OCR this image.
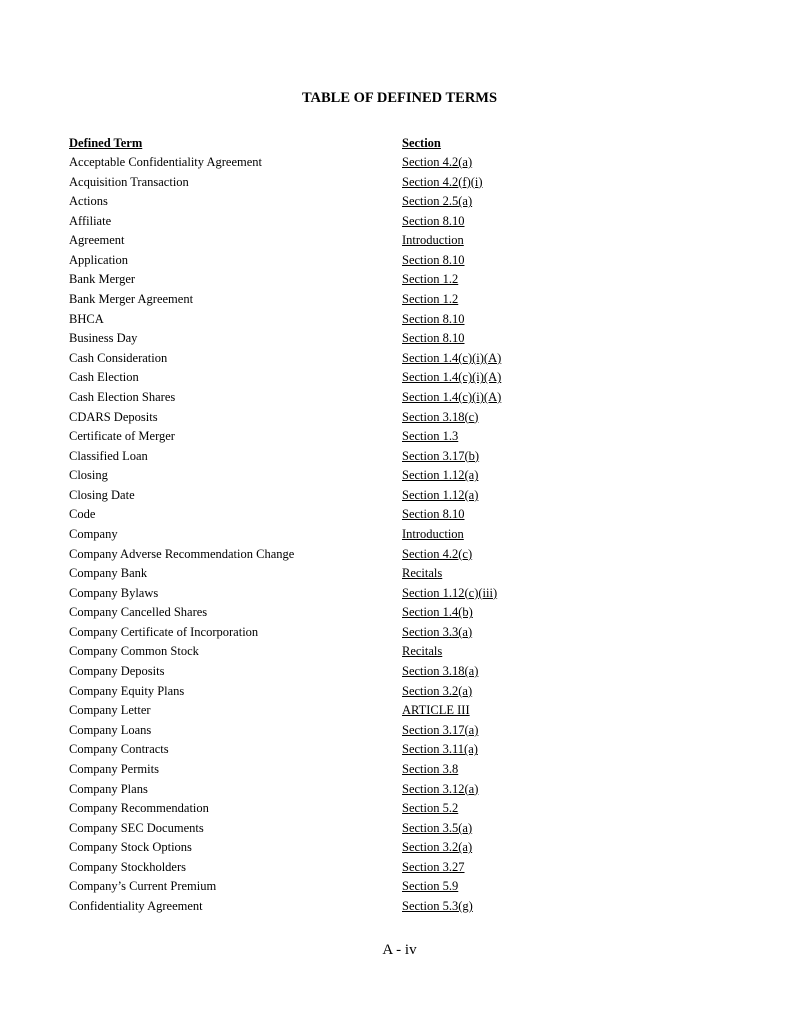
TABLE OF DEFINED TERMS
Defined Term	Section
Acceptable Confidentiality Agreement	Section 4.2(a)
Acquisition Transaction	Section 4.2(f)(i)
Actions	Section 2.5(a)
Affiliate	Section 8.10
Agreement	Introduction
Application	Section 8.10
Bank Merger	Section 1.2
Bank Merger Agreement	Section 1.2
BHCA	Section 8.10
Business Day	Section 8.10
Cash Consideration	Section 1.4(c)(i)(A)
Cash Election	Section 1.4(c)(i)(A)
Cash Election Shares	Section 1.4(c)(i)(A)
CDARS Deposits	Section 3.18(c)
Certificate of Merger	Section 1.3
Classified Loan	Section 3.17(b)
Closing	Section 1.12(a)
Closing Date	Section 1.12(a)
Code	Section 8.10
Company	Introduction
Company Adverse Recommendation Change	Section 4.2(c)
Company Bank	Recitals
Company Bylaws	Section 1.12(c)(iii)
Company Cancelled Shares	Section 1.4(b)
Company Certificate of Incorporation	Section 3.3(a)
Company Common Stock	Recitals
Company Deposits	Section 3.18(a)
Company Equity Plans	Section 3.2(a)
Company Letter	ARTICLE III
Company Loans	Section 3.17(a)
Company Contracts	Section 3.11(a)
Company Permits	Section 3.8
Company Plans	Section 3.12(a)
Company Recommendation	Section 5.2
Company SEC Documents	Section 3.5(a)
Company Stock Options	Section 3.2(a)
Company Stockholders	Section 3.27
Company’s Current Premium	Section 5.9
Confidentiality Agreement	Section 5.3(g)
A - iv
